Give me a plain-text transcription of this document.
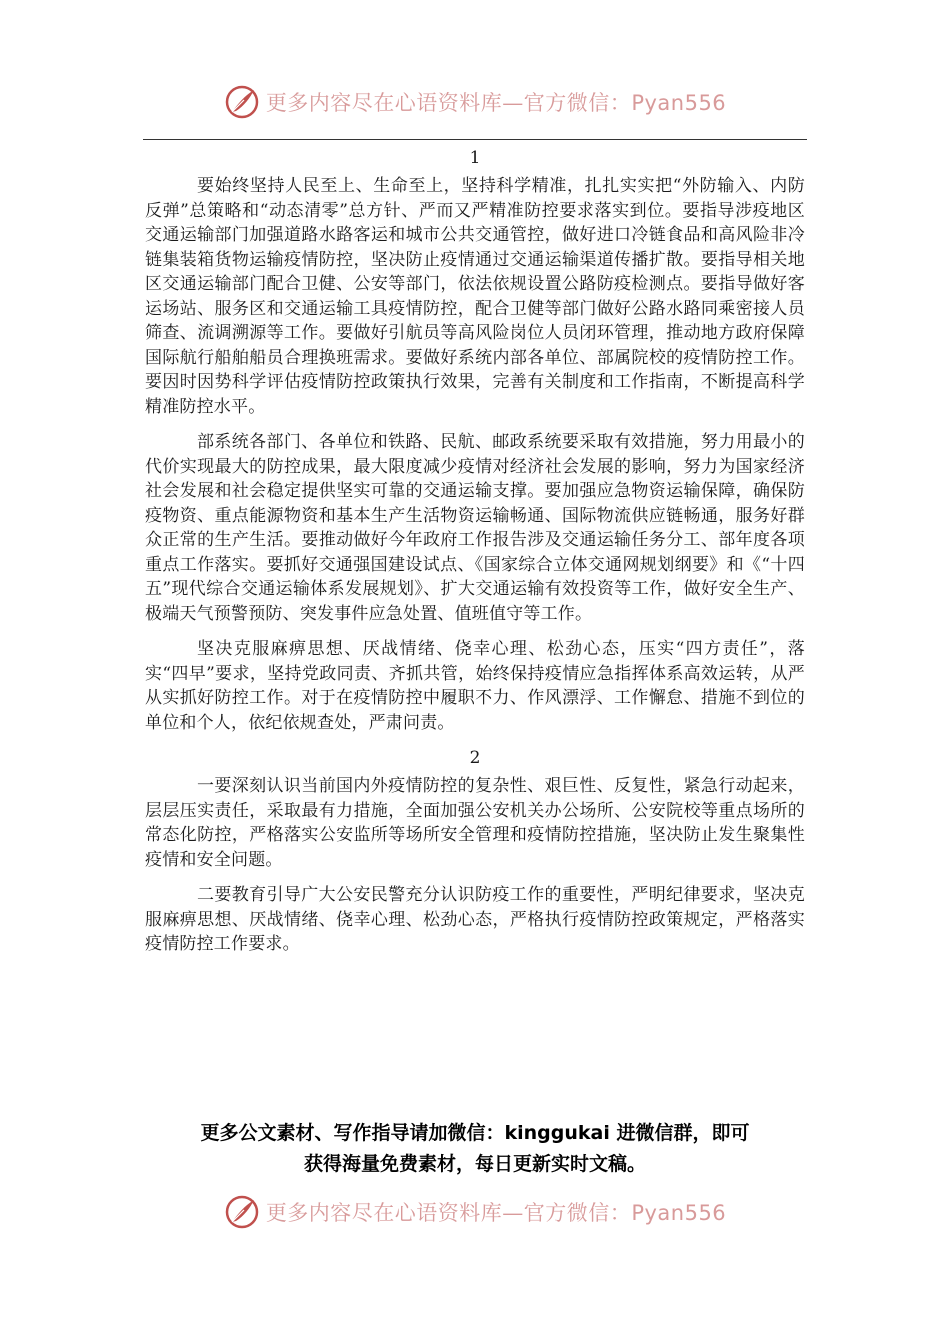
更多内容尽在心语资料库—官方微信：Pyan556
1

要始终坚持人民至上、生命至上，坚持科学精准，扎扎实实把“外防输入、内防反弹”总策略和“动态清零”总方针、严而又严精准防控要求落实到位。要指导涉疫地区交通运输部门加强道路水路客运和城市公共交通管控，做好进口冷链食品和高风险非冷链集装箱货物运输疫情防控，坚决防止疫情通过交通运输渠道传播扩散。要指导相关地区交通运输部门配合卫健、公安等部门，依法依规设置公路防疫检测点。要指导做好客运场站、服务区和交通运输工具疫情防控，配合卫健等部门做好公路水路同乘密接人员筛查、流调溯源等工作。要做好引航员等高风险岗位人员闭环管理，推动地方政府保障国际航行船舶船员合理换班需求。要做好系统内部各单位、部属院校的疫情防控工作。要因时因势科学评估疫情防控政策执行效果，完善有关制度和工作指南，不断提高科学精准防控水平。

部系统各部门、各单位和铁路、民航、邮政系统要采取有效措施，努力用最小的代价实现最大的防控成果，最大限度减少疫情对经济社会发展的影响，努力为国家经济社会发展和社会稳定提供坚实可靠的交通运输支撑。要加强应急物资运输保障，确保防疫物资、重点能源物资和基本生产生活物资运输畅通、国际物流供应链畅通，服务好群众正常的生产生活。要推动做好今年政府工作报告涉及交通运输任务分工、部年度各项重点工作落实。要抓好交通强国建设试点、《国家综合立体交通网规划纲要》和《“十四五”现代综合交通运输体系发展规划》、扩大交通运输有效投资等工作，做好安全生产、极端天气预警预防、突发事件应急处置、值班值守等工作。

坚决克服麻痹思想、厌战情绪、侥幸心理、松劲心态，压实“四方责任”，落实“四早”要求，坚持党政同责、齐抓共管，始终保持疫情应急指挥体系高效运转，从严从实抓好防控工作。对于在疫情防控中履职不力、作风漂浮、工作懈怠、措施不到位的单位和个人，依纪依规查处，严肃问责。

2

一要深刻认识当前国内外疫情防控的复杂性、艰巨性、反复性，紧急行动起来，层层压实责任，采取最有力措施，全面加强公安机关办公场所、公安院校等重点场所的常态化防控，严格落实公安监所等场所安全管理和疫情防控措施，坚决防止发生聚集性疫情和安全问题。

二要教育引导广大公安民警充分认识防疫工作的重要性，严明纪律要求，坚决克服麻痹思想、厌战情绪、侥幸心理、松劲心态，严格执行疫情防控政策规定，严格落实疫情防控工作要求。

更多公文素材、写作指导请加微信：kinggukai 进微信群，即可
获得海量免费素材，每日更新实时文稿。
更多内容尽在心语资料库—官方微信：Pyan556
